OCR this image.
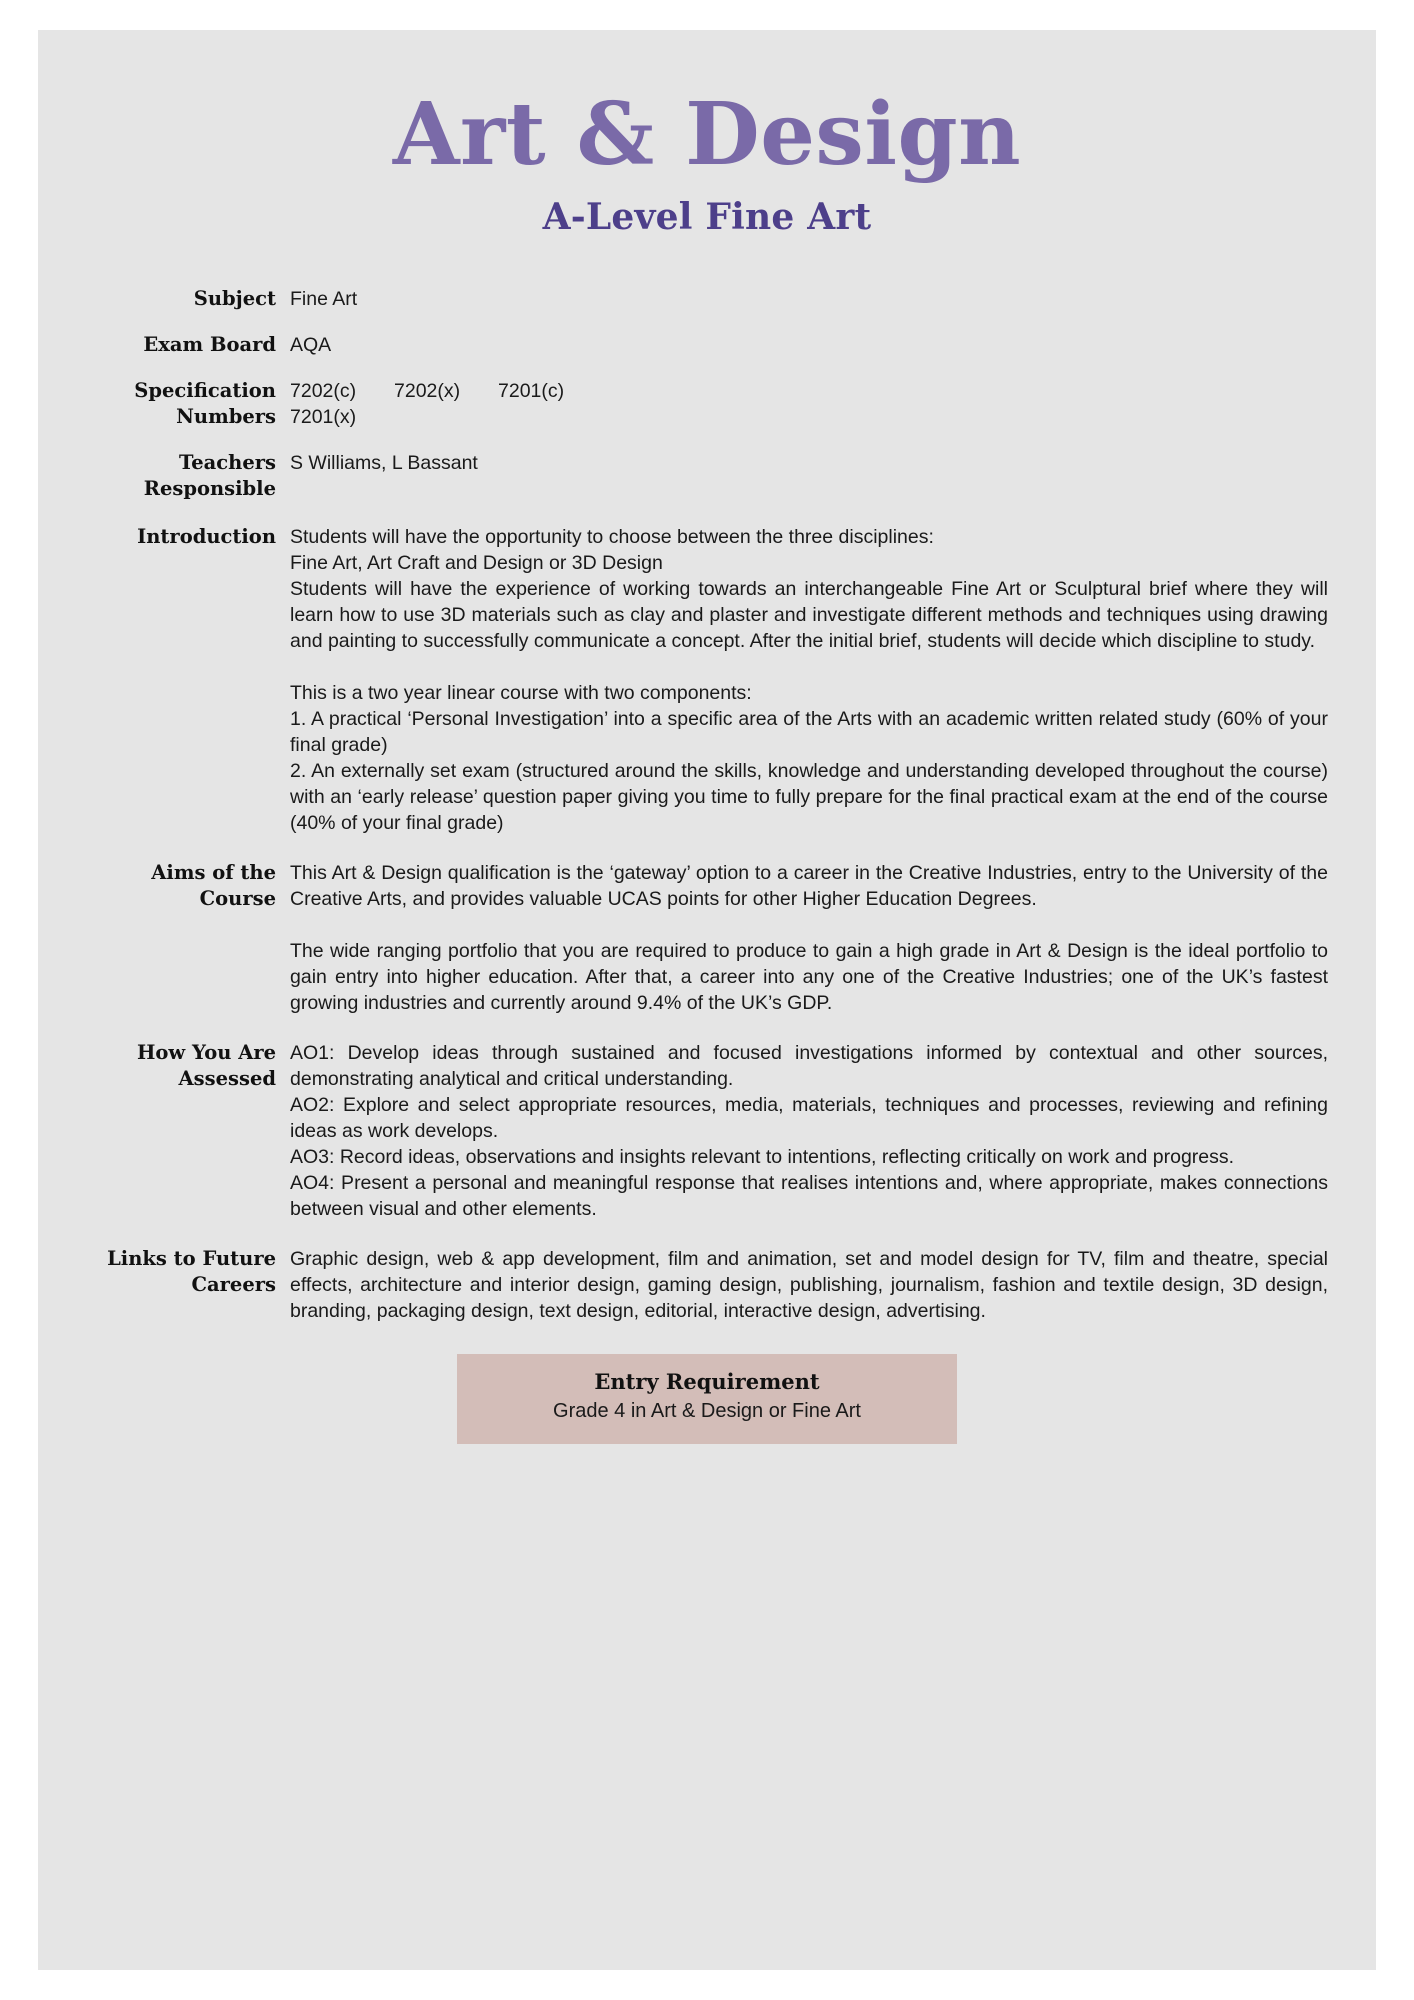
Art & Design
A-Level Fine Art
Subject Fine Art

Exam Board AQA

Specification
Numbers
7202(c) 7202(x) 7201(c)
7201(x)
Teachers
Responsible

S Williams, L Bassant

Introduction Students will have the opportunity to choose between the three disciplines:

Fine Art, Art Craft and Design or 3D Design

Students will have the experience of working towards an interchangeable Fine Art or Sculptural brief where they will learn how to use 3D materials such as clay and plaster and investigate different methods and techniques using drawing and painting to successfully communicate a concept. After the initial brief, students will decide which discipline to study.

This is a two year linear course with two components:

1. A practical ‘Personal Investigation’ into a specific area of the Arts with an academic written related study (60% of your final grade)

2. An externally set exam (structured around the skills, knowledge and understanding developed throughout the course) with an ‘early release’ question paper giving you time to fully prepare for the final practical exam at the end of the course (40% of your final grade)

Aims of the
Course

This Art & Design qualification is the ‘gateway’ option to a career in the Creative Industries, entry to the University of the Creative Arts, and provides valuable UCAS points for other Higher Education Degrees.

The wide ranging portfolio that you are required to produce to gain a high grade in Art & Design is the ideal portfolio to gain entry into higher education. After that, a career into any one of the Creative Industries; one of the UK’s fastest growing industries and currently around 9.4% of the UK’s GDP.

How You Are
Assessed

AO1: Develop ideas through sustained and focused investigations informed by contextual and other sources, demonstrating analytical and critical understanding.

AO2: Explore and select appropriate resources, media, materials, techniques and processes, reviewing and refining ideas as work develops.

AO3: Record ideas, observations and insights relevant to intentions, reflecting critically on work and progress.

AO4: Present a personal and meaningful response that realises intentions and, where appropriate, makes connections between visual and other elements.

Links to Future
Careers

Graphic design, web & app development, film and animation, set and model design for TV, film and theatre, special effects, architecture and interior design, gaming design, publishing, journalism, fashion and textile design, 3D design, branding, packaging design, text design, editorial, interactive design, advertising.

Entry Requirement
Grade 4 in Art & Design or Fine Art
